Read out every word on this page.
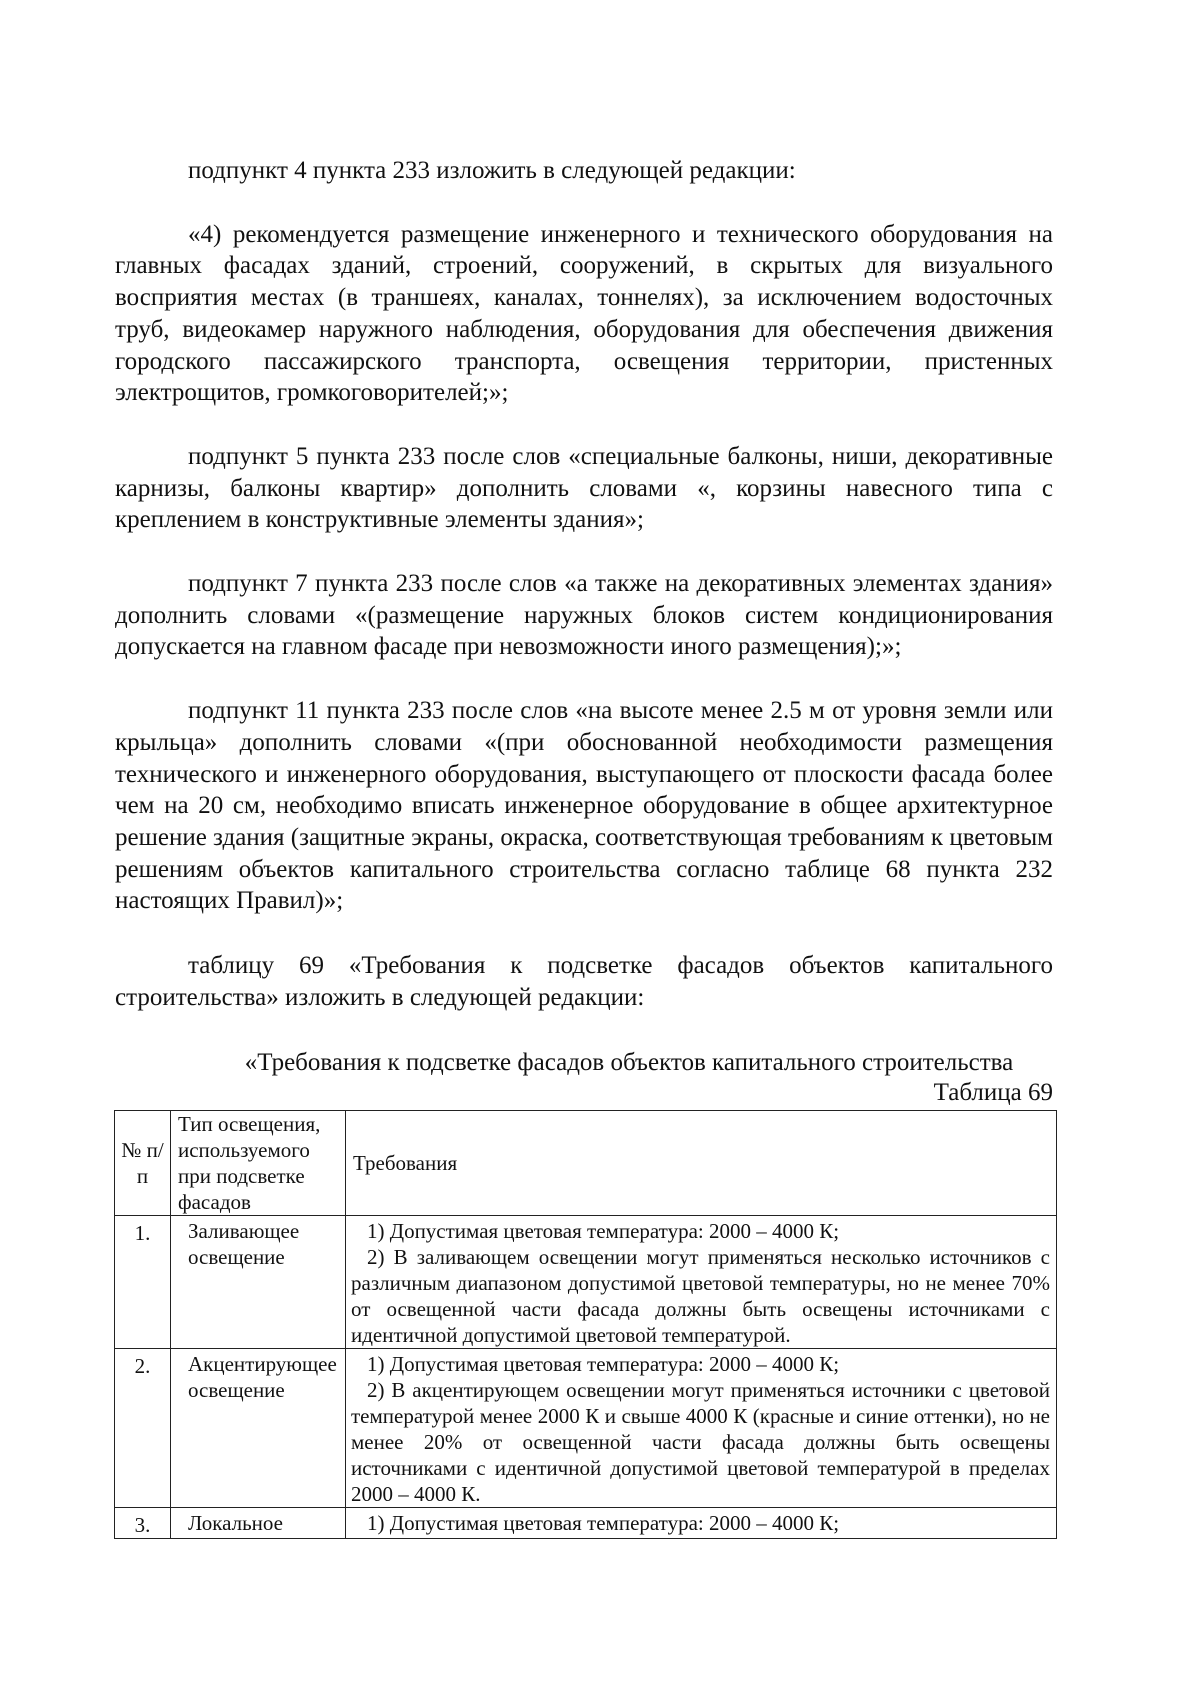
подпункт 4 пункта 233 изложить в следующей редакции:

«4) рекомендуется размещение инженерного и технического оборудования на главных фасадах зданий, строений, сооружений, в скрытых для визуального восприятия местах (в траншеях, каналах, тоннелях), за исключением водосточных труб, видеокамер наружного наблюдения, оборудования для обеспечения движения городского пассажирского транспорта, освещения территории, пристенных электрощитов, громкоговорителей;»;

подпункт 5 пункта 233 после слов «специальные балконы, ниши, декоративные карнизы, балконы квартир» дополнить словами «, корзины навесного типа с креплением в конструктивные элементы здания»;

подпункт 7 пункта 233 после слов «а также на декоративных элементах здания» дополнить словами «(размещение наружных блоков систем кондиционирования допускается на главном фасаде при невозможности иного размещения);»;

подпункт 11 пункта 233 после слов «на высоте менее 2.5 м от уровня земли или крыльца» дополнить словами «(при обоснованной необходимости размещения технического и инженерного оборудования, выступающего от плоскости фасада более чем на 20 см, необходимо вписать инженерное оборудование в общее архитектурное решение здания (защитные экраны, окраска, соответствующая требованиям к цветовым решениям объектов капитального строительства согласно таблице 68 пункта 232 настоящих Правил)»;

таблицу 69 «Требования к подсветке фасадов объектов капитального строительства» изложить в следующей редакции:

«Требования к подсветке фасадов объектов капитального строительства
Таблица 69
№ п/п	Тип освещения, используемого при подсветке фасадов	Требования
1.	Заливающее освещение	1) Допустимая цветовая температура: 2000 – 4000 К;
2) В заливающем освещении могут применяться несколько источников с различным диапазоном допустимой цветовой температуры, но не менее 70% от освещенной части фасада должны быть освещены источниками с идентичной допустимой цветовой температурой.

2.	Акцентирующее освещение	1) Допустимая цветовая температура: 2000 – 4000 К;
2) В акцентирующем освещении могут применяться источники с цветовой температурой менее 2000 К и свыше 4000 К (красные и синие оттенки), но не менее 20% от освещенной части фасада должны быть освещены источниками с идентичной допустимой цветовой температурой в пределах 2000 – 4000 К.

3.	Локальное	1) Допустимая цветовая температура: 2000 – 4000 К;
